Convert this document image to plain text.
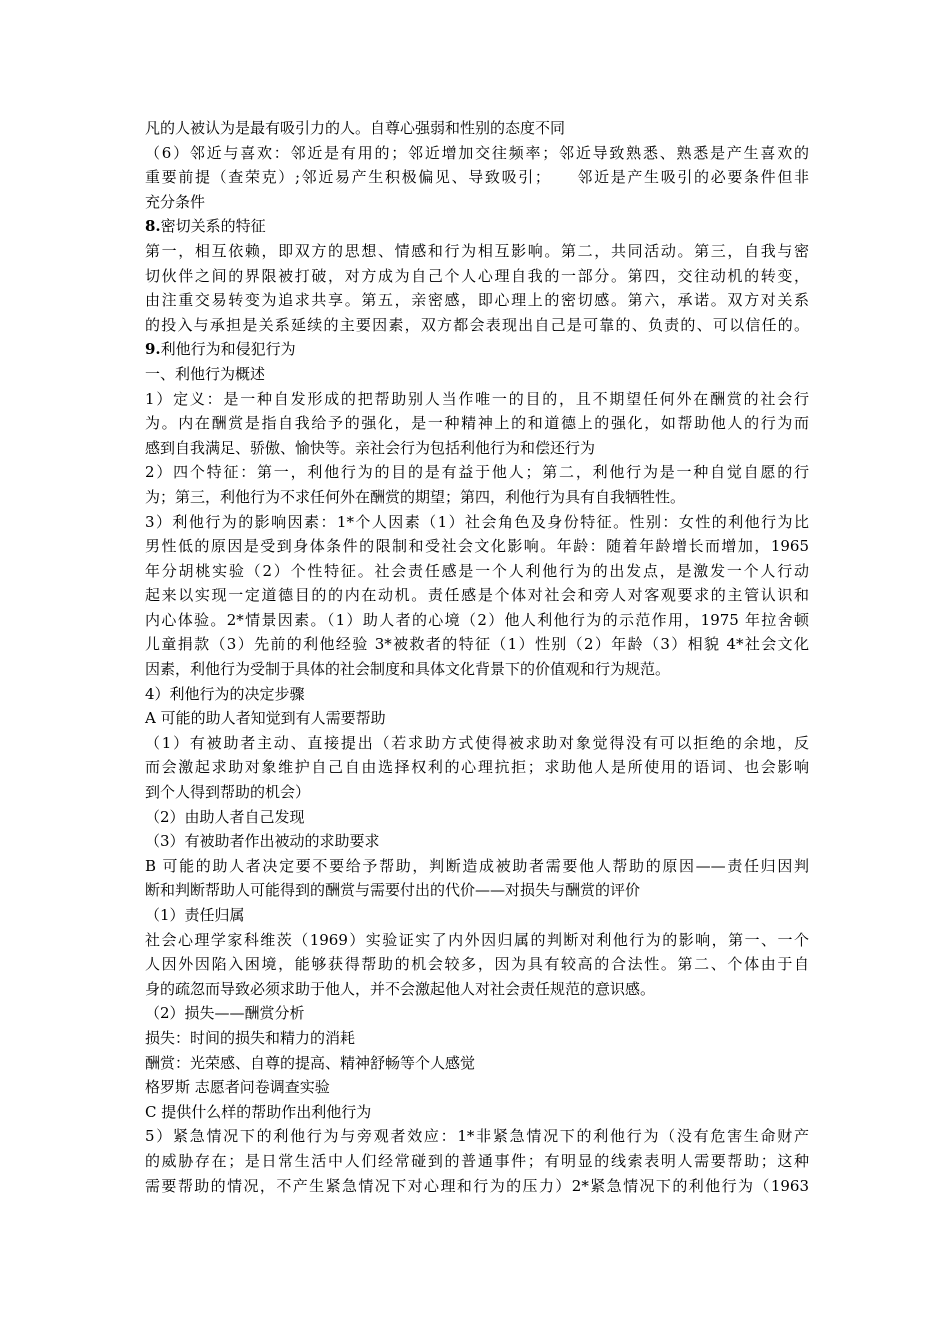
凡的人被认为是最有吸引力的人。自尊心强弱和性别的态度不同
（6）邻近与喜欢：邻近是有用的；邻近增加交往频率；邻近导致熟悉、熟悉是产生喜欢的
重要前提（查荣克）;邻近易产生积极偏见、导致吸引；　　邻近是产生吸引的必要条件但非
充分条件
8.密切关系的特征
第一，相互依赖，即双方的思想、情感和行为相互影响。第二，共同活动。第三，自我与密
切伙伴之间的界限被打破，对方成为自己个人心理自我的一部分。第四，交往动机的转变，
由注重交易转变为追求共享。第五，亲密感，即心理上的密切感。第六，承诺。双方对关系
的投入与承担是关系延续的主要因素，双方都会表现出自己是可靠的、负责的、可以信任的。
9.利他行为和侵犯行为
一、利他行为概述
1）定义：是一种自发形成的把帮助别人当作唯一的目的，且不期望任何外在酬赏的社会行
为。内在酬赏是指自我给予的强化，是一种精神上的和道德上的强化，如帮助他人的行为而
感到自我满足、骄傲、愉快等。亲社会行为包括利他行为和偿还行为
2）四个特征：第一，利他行为的目的是有益于他人；第二，利他行为是一种自觉自愿的行
为；第三，利他行为不求任何外在酬赏的期望；第四，利他行为具有自我牺牲性。
3）利他行为的影响因素：1*个人因素（1）社会角色及身份特征。性别：女性的利他行为比
男性低的原因是受到身体条件的限制和受社会文化影响。年龄：随着年龄增长而增加，1965
年分胡桃实验（2）个性特征。社会责任感是一个人利他行为的出发点，是激发一个人行动
起来以实现一定道德目的的内在动机。责任感是个体对社会和旁人对客观要求的主管认识和
内心体验。2*情景因素。（1）助人者的心境（2）他人利他行为的示范作用，1975 年拉舍顿
儿童捐款（3）先前的利他经验 3*被救者的特征（1）性别（2）年龄（3）相貌 4*社会文化
因素，利他行为受制于具体的社会制度和具体文化背景下的价值观和行为规范。
4）利他行为的决定步骤
A 可能的助人者知觉到有人需要帮助
（1）有被助者主动、直接提出（若求助方式使得被求助对象觉得没有可以拒绝的余地，反
而会激起求助对象维护自己自由选择权利的心理抗拒；求助他人是所使用的语词、也会影响
到个人得到帮助的机会）
（2）由助人者自己发现
（3）有被助者作出被动的求助要求
B 可能的助人者决定要不要给予帮助，判断造成被助者需要他人帮助的原因——责任归因判
断和判断帮助人可能得到的酬赏与需要付出的代价——对损失与酬赏的评价
（1）责任归属
社会心理学家科维茨（1969）实验证实了内外因归属的判断对利他行为的影响，第一、一个
人因外因陷入困境，能够获得帮助的机会较多，因为具有较高的合法性。第二、个体由于自
身的疏忽而导致必须求助于他人，并不会激起他人对社会责任规范的意识感。
（2）损失——酬赏分析
损失：时间的损失和精力的消耗
酬赏：光荣感、自尊的提高、精神舒畅等个人感觉
格罗斯 志愿者问卷调查实验
C 提供什么样的帮助作出利他行为
5）紧急情况下的利他行为与旁观者效应：1*非紧急情况下的利他行为（没有危害生命财产
的威胁存在；是日常生活中人们经常碰到的普通事件；有明显的线索表明人需要帮助；这种
需要帮助的情况，不产生紧急情况下对心理和行为的压力）2*紧急情况下的利他行为（1963
